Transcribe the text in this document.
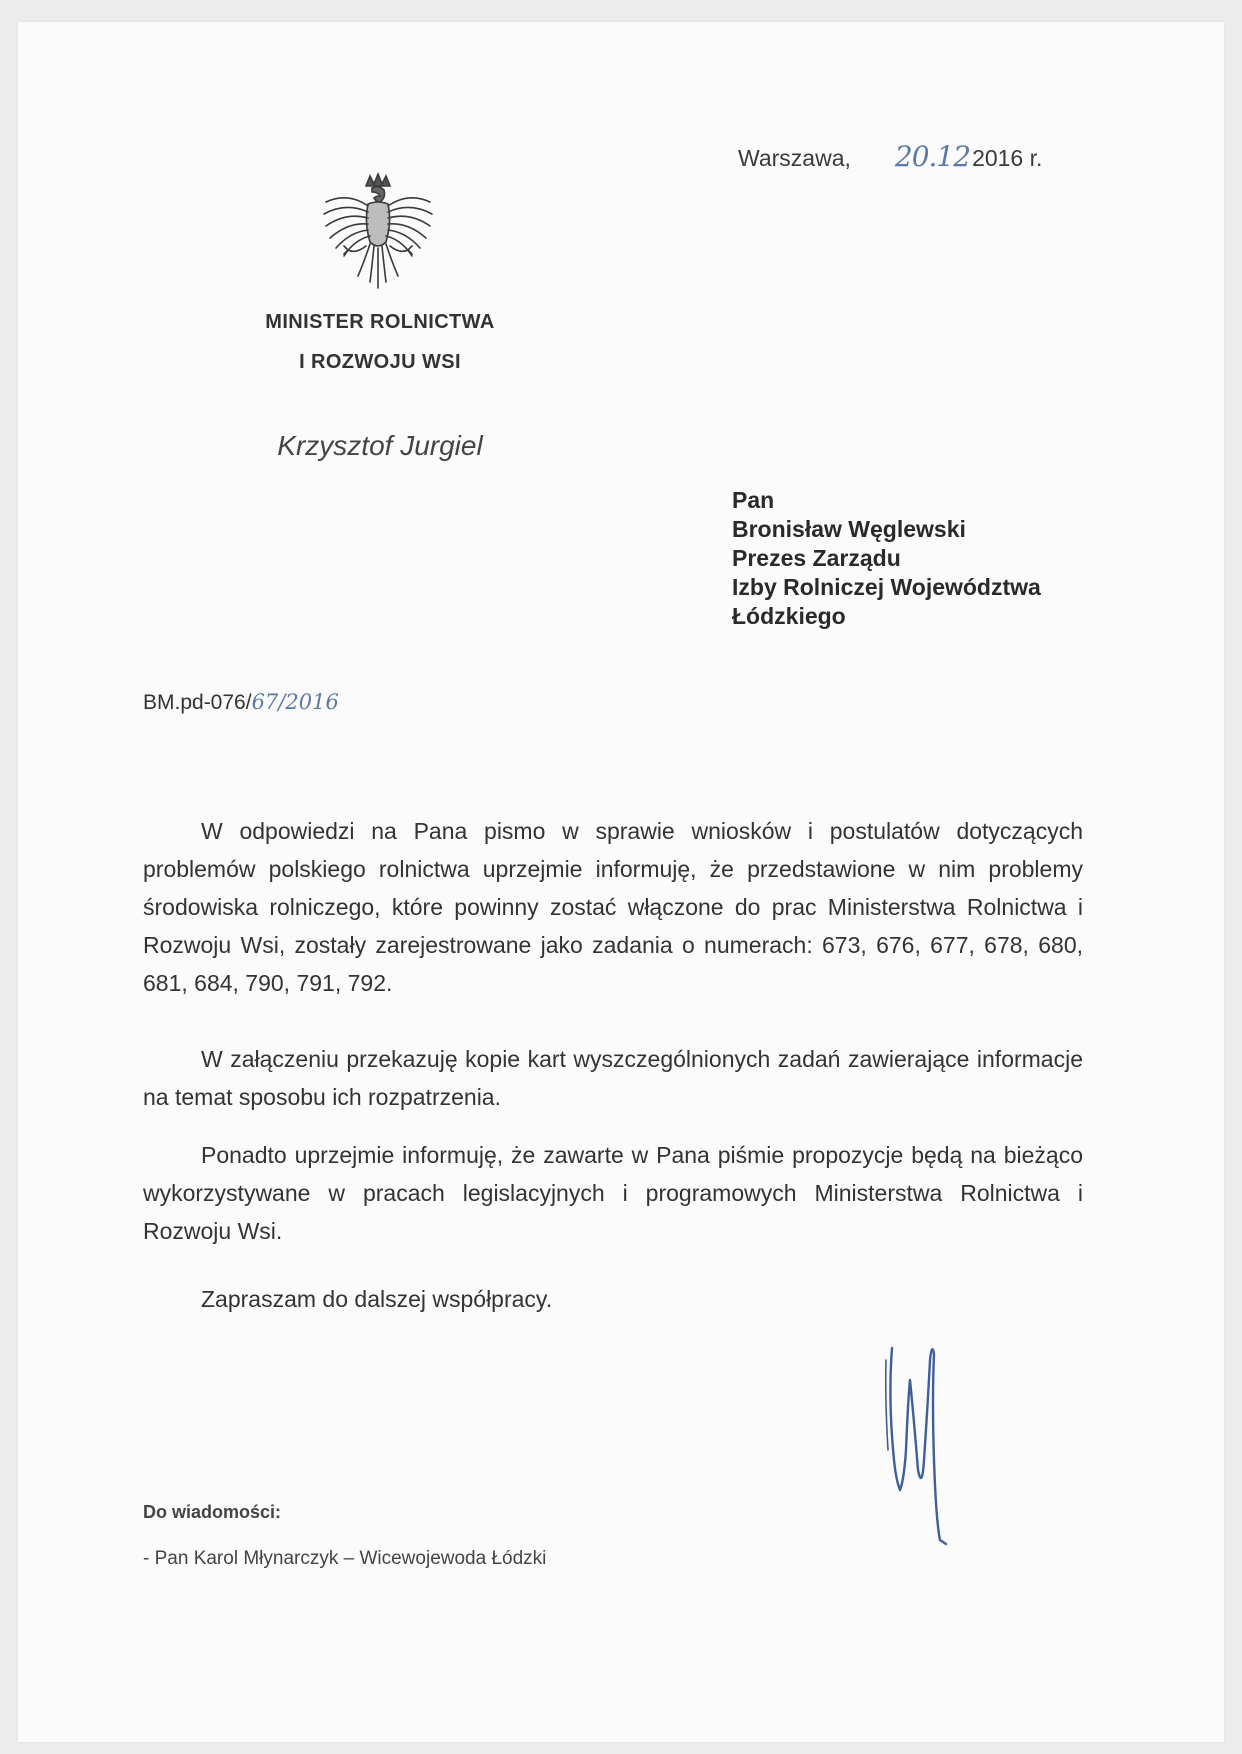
Warszawa, 20.122016 r.
MINISTER ROLNICTWA
I ROZWOJU WSI
Krzysztof Jurgiel
Pan
Bronisław Węglewski
Prezes Zarządu
Izby Rolniczej Województwa
Łódzkiego
BM.pd-076/67/2016

W odpowiedzi na Pana pismo w sprawie wniosków i postulatów dotyczących problemów polskiego rolnictwa uprzejmie informuję, że przedstawione w nim problemy środowiska rolniczego, które powinny zostać włączone do prac Ministerstwa Rolnictwa i Rozwoju Wsi, zostały zarejestrowane jako zadania o numerach: 673, 676, 677, 678, 680, 681, 684, 790, 791, 792.

W załączeniu przekazuję kopie kart wyszczególnionych zadań zawierające informacje na temat sposobu ich rozpatrzenia.

Ponadto uprzejmie informuję, że zawarte w Pana piśmie propozycje będą na bieżąco wykorzystywane w pracach legislacyjnych i programowych Ministerstwa Rolnictwa i Rozwoju Wsi.

Zapraszam do dalszej współpracy.

Do wiadomości:
- Pan Karol Młynarczyk – Wicewojewoda Łódzki
